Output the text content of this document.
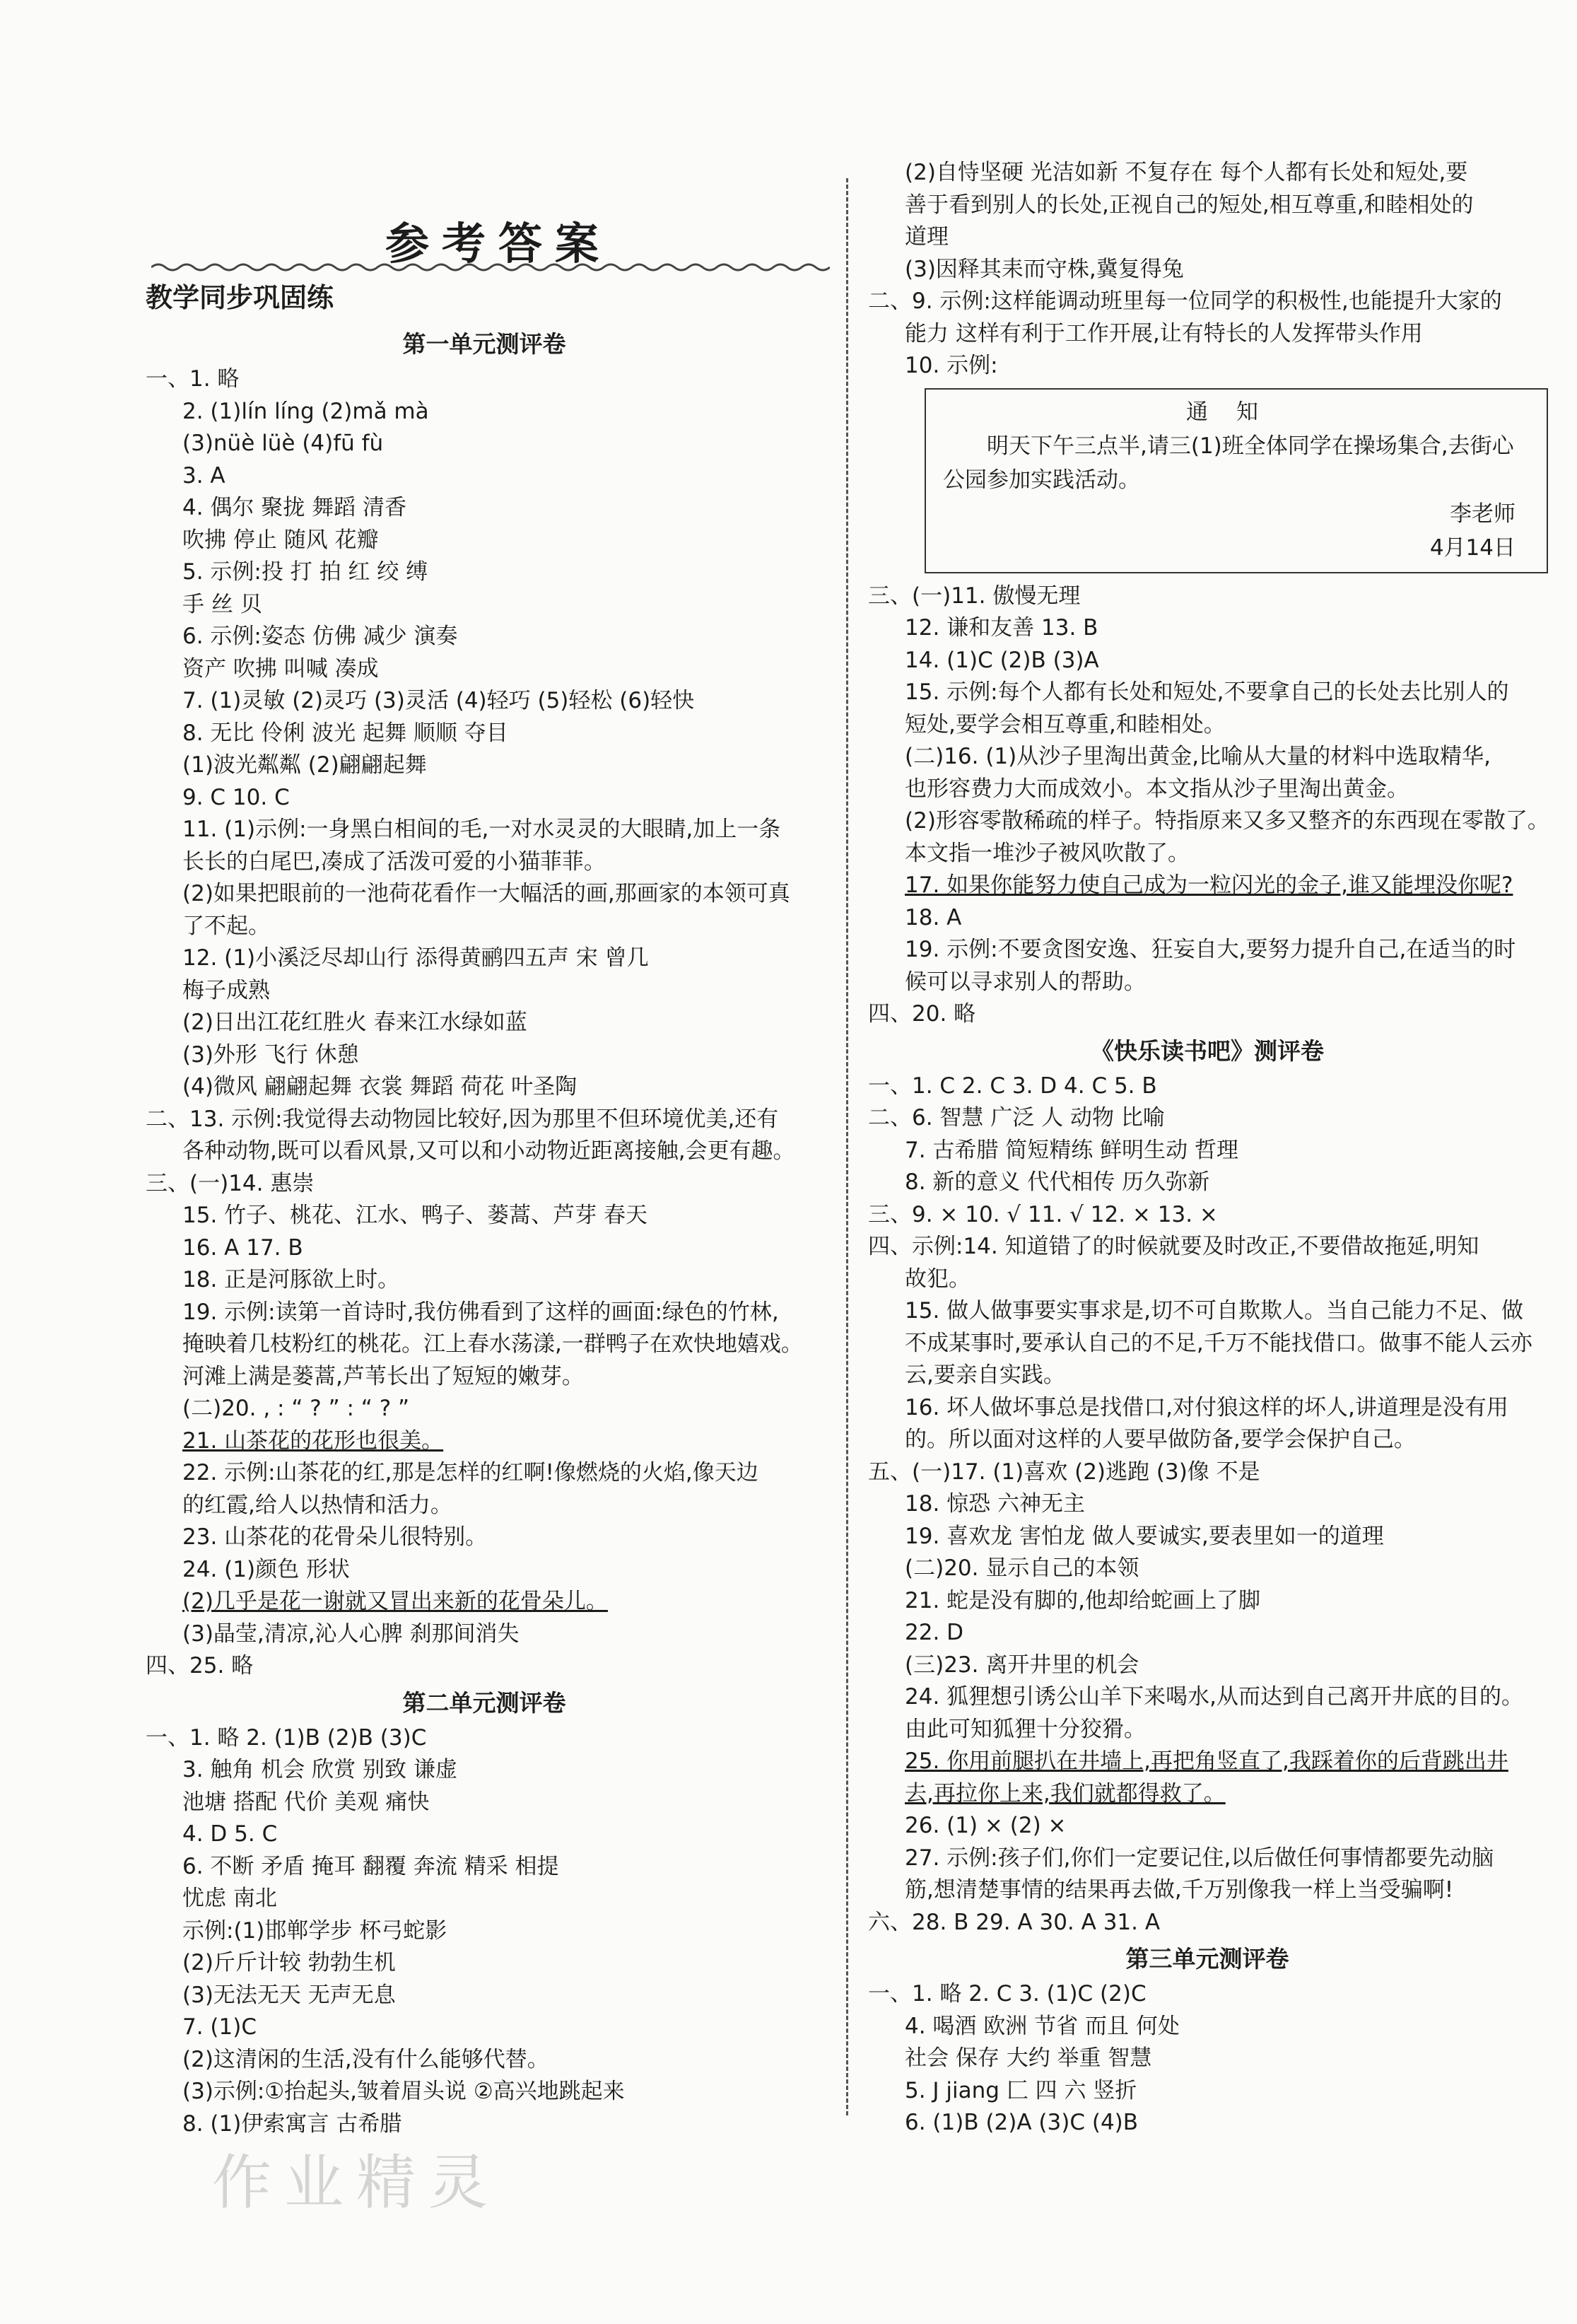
参考答案
教学同步巩固练
第一单元测评卷
一、1. 略
2. (1)lín líng (2)mǎ mà
(3)nüè lüè (4)fū fù
3. A
4. 偶尔 聚拢 舞蹈 清香
吹拂 停止 随风 花瓣
5. 示例:投 打 拍 红 绞 缚
手 丝 贝
6. 示例:姿态 仿佛 减少 演奏
资产 吹拂 叫喊 凑成
7. (1)灵敏 (2)灵巧 (3)灵活 (4)轻巧 (5)轻松 (6)轻快
8. 无比 伶俐 波光 起舞 顺顺 夺目
(1)波光粼粼 (2)翩翩起舞
9. C 10. C
11. (1)示例:一身黑白相间的毛,一对水灵灵的大眼睛,加上一条
长长的白尾巴,凑成了活泼可爱的小猫菲菲。
(2)如果把眼前的一池荷花看作一大幅活的画,那画家的本领可真
了不起。
12. (1)小溪泛尽却山行 添得黄鹂四五声 宋 曾几
梅子成熟
(2)日出江花红胜火 春来江水绿如蓝
(3)外形 飞行 休憩
(4)微风 翩翩起舞 衣裳 舞蹈 荷花 叶圣陶
二、13. 示例:我觉得去动物园比较好,因为那里不但环境优美,还有
各种动物,既可以看风景,又可以和小动物近距离接触,会更有趣。
三、(一)14. 惠崇
15. 竹子、桃花、江水、鸭子、蒌蒿、芦芽 春天
16. A 17. B
18. 正是河豚欲上时。
19. 示例:读第一首诗时,我仿佛看到了这样的画面:绿色的竹林,
掩映着几枝粉红的桃花。江上春水荡漾,一群鸭子在欢快地嬉戏。
河滩上满是蒌蒿,芦苇长出了短短的嫩芽。
(二)20. , : “ ? ” : “ ? ”
21. 山茶花的花形也很美。
22. 示例:山茶花的红,那是怎样的红啊!像燃烧的火焰,像天边
的红霞,给人以热情和活力。
23. 山茶花的花骨朵儿很特别。
24. (1)颜色 形状
(2)几乎是花一谢就又冒出来新的花骨朵儿。
(3)晶莹,清凉,沁人心脾 刹那间消失
四、25. 略
第二单元测评卷
一、1. 略 2. (1)B (2)B (3)C
3. 触角 机会 欣赏 别致 谦虚
池塘 搭配 代价 美观 痛快
4. D 5. C
6. 不断 矛盾 掩耳 翻覆 奔流 精采 相提
忧虑 南北
示例:(1)邯郸学步 杯弓蛇影
(2)斤斤计较 勃勃生机
(3)无法无天 无声无息
7. (1)C
(2)这清闲的生活,没有什么能够代替。
(3)示例:①抬起头,皱着眉头说 ②高兴地跳起来
8. (1)伊索寓言 古希腊
(2)自恃坚硬 光洁如新 不复存在 每个人都有长处和短处,要
善于看到别人的长处,正视自己的短处,相互尊重,和睦相处的
道理
(3)因释其耒而守株,冀复得兔
二、9. 示例:这样能调动班里每一位同学的积极性,也能提升大家的
能力 这样有利于工作开展,让有特长的人发挥带头作用
10. 示例:
通知
明天下午三点半,请三(1)班全体同学在操场集合,去街心公园参加实践活动。
李老师
4月14日
三、(一)11. 傲慢无理
12. 谦和友善 13. B
14. (1)C (2)B (3)A
15. 示例:每个人都有长处和短处,不要拿自己的长处去比别人的
短处,要学会相互尊重,和睦相处。
(二)16. (1)从沙子里淘出黄金,比喻从大量的材料中选取精华,
也形容费力大而成效小。本文指从沙子里淘出黄金。
(2)形容零散稀疏的样子。特指原来又多又整齐的东西现在零散了。
本文指一堆沙子被风吹散了。
17. 如果你能努力使自己成为一粒闪光的金子,谁又能埋没你呢?
18. A
19. 示例:不要贪图安逸、狂妄自大,要努力提升自己,在适当的时
候可以寻求别人的帮助。
四、20. 略
《快乐读书吧》测评卷
一、1. C 2. C 3. D 4. C 5. B
二、6. 智慧 广泛 人 动物 比喻
7. 古希腊 简短精练 鲜明生动 哲理
8. 新的意义 代代相传 历久弥新
三、9. × 10. √ 11. √ 12. × 13. ×
四、示例:14. 知道错了的时候就要及时改正,不要借故拖延,明知
故犯。
15. 做人做事要实事求是,切不可自欺欺人。当自己能力不足、做
不成某事时,要承认自己的不足,千万不能找借口。做事不能人云亦
云,要亲自实践。
16. 坏人做坏事总是找借口,对付狼这样的坏人,讲道理是没有用
的。所以面对这样的人要早做防备,要学会保护自己。
五、(一)17. (1)喜欢 (2)逃跑 (3)像 不是
18. 惊恐 六神无主
19. 喜欢龙 害怕龙 做人要诚实,要表里如一的道理
(二)20. 显示自己的本领
21. 蛇是没有脚的,他却给蛇画上了脚
22. D
(三)23. 离开井里的机会
24. 狐狸想引诱公山羊下来喝水,从而达到自己离开井底的目的。
由此可知狐狸十分狡猾。
25. 你用前腿扒在井墙上,再把角竖直了,我踩着你的后背跳出井
去,再拉你上来,我们就都得救了。
26. (1) × (2) ×
27. 示例:孩子们,你们一定要记住,以后做任何事情都要先动脑
筋,想清楚事情的结果再去做,千万别像我一样上当受骗啊!
六、28. B 29. A 30. A 31. A
第三单元测评卷
一、1. 略 2. C 3. (1)C (2)C
4. 喝酒 欧洲 节省 而且 何处
社会 保存 大约 举重 智慧
5. J jiang 匚 四 六 竖折
6. (1)B (2)A (3)C (4)B
作业精灵
